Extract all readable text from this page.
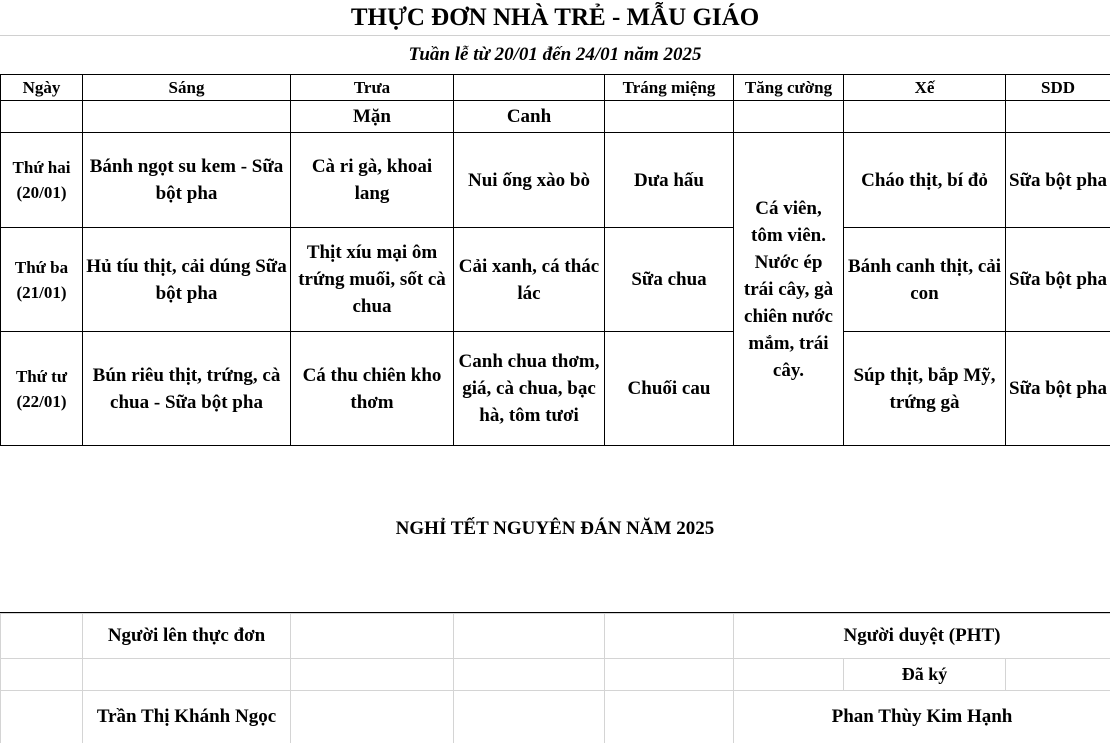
THỰC ĐƠN NHÀ TRẺ - MẪU GIÁO
Tuần lễ từ 20/01 đến 24/01 năm 2025
Ngày	Sáng	Trưa		Tráng miệng	Tăng cường	Xế	SDD
		Mặn	Canh				
Thứ hai
(20/01)	Bánh ngọt su kem - Sữa bột pha	Cà ri gà, khoai lang	Nui ống xào bò	Dưa hấu	Cá viên, tôm viên. Nước ép trái cây, gà chiên nước mắm, trái cây.	Cháo thịt, bí đỏ	Sữa bột pha
Thứ ba
(21/01)	Hủ tíu thịt, cải dúng Sữa bột pha	Thịt xíu mại ôm trứng muối, sốt cà chua	Cải xanh, cá thác lác	Sữa chua		Bánh canh thịt, cải con	Sữa bột pha
Thứ tư
(22/01)	Bún riêu thịt, trứng, cà chua - Sữa bột pha	Cá thu chiên kho thơm	Canh chua thơm, giá, cà chua, bạc hà, tôm tươi	Chuối cau		Súp thịt, bắp Mỹ, trứng gà	Sữa bột pha
NGHỈ TẾT NGUYÊN ĐÁN NĂM 2025
	Người lên thực đơn				Người duyệt (PHT)		
						Đã ký	
	Trần Thị Khánh Ngọc				Phan Thùy Kim Hạnh		
